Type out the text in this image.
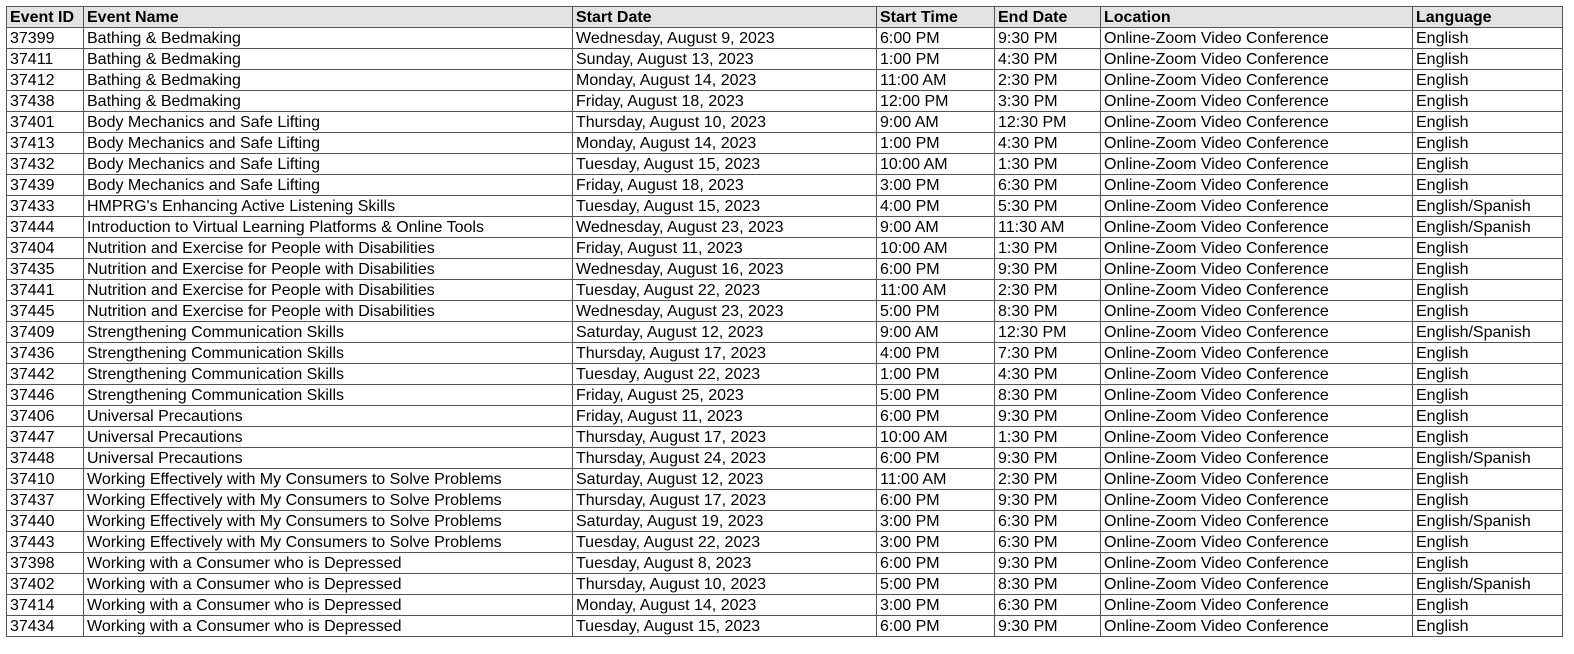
Event ID	Event Name	Start Date	Start Time	End Date	Location	Language
37399	Bathing & Bedmaking	Wednesday, August 9, 2023	6:00 PM	9:30 PM	Online-Zoom Video Conference	English
37411	Bathing & Bedmaking	Sunday, August 13, 2023	1:00 PM	4:30 PM	Online-Zoom Video Conference	English
37412	Bathing & Bedmaking	Monday, August 14, 2023	11:00 AM	2:30 PM	Online-Zoom Video Conference	English
37438	Bathing & Bedmaking	Friday, August 18, 2023	12:00 PM	3:30 PM	Online-Zoom Video Conference	English
37401	Body Mechanics and Safe Lifting	Thursday, August 10, 2023	9:00 AM	12:30 PM	Online-Zoom Video Conference	English
37413	Body Mechanics and Safe Lifting	Monday, August 14, 2023	1:00 PM	4:30 PM	Online-Zoom Video Conference	English
37432	Body Mechanics and Safe Lifting	Tuesday, August 15, 2023	10:00 AM	1:30 PM	Online-Zoom Video Conference	English
37439	Body Mechanics and Safe Lifting	Friday, August 18, 2023	3:00 PM	6:30 PM	Online-Zoom Video Conference	English
37433	HMPRG's Enhancing Active Listening Skills	Tuesday, August 15, 2023	4:00 PM	5:30 PM	Online-Zoom Video Conference	English/Spanish
37444	Introduction to Virtual Learning Platforms & Online Tools	Wednesday, August 23, 2023	9:00 AM	11:30 AM	Online-Zoom Video Conference	English/Spanish
37404	Nutrition and Exercise for People with Disabilities	Friday, August 11, 2023	10:00 AM	1:30 PM	Online-Zoom Video Conference	English
37435	Nutrition and Exercise for People with Disabilities	Wednesday, August 16, 2023	6:00 PM	9:30 PM	Online-Zoom Video Conference	English
37441	Nutrition and Exercise for People with Disabilities	Tuesday, August 22, 2023	11:00 AM	2:30 PM	Online-Zoom Video Conference	English
37445	Nutrition and Exercise for People with Disabilities	Wednesday, August 23, 2023	5:00 PM	8:30 PM	Online-Zoom Video Conference	English
37409	Strengthening Communication Skills	Saturday, August 12, 2023	9:00 AM	12:30 PM	Online-Zoom Video Conference	English/Spanish
37436	Strengthening Communication Skills	Thursday, August 17, 2023	4:00 PM	7:30 PM	Online-Zoom Video Conference	English
37442	Strengthening Communication Skills	Tuesday, August 22, 2023	1:00 PM	4:30 PM	Online-Zoom Video Conference	English
37446	Strengthening Communication Skills	Friday, August 25, 2023	5:00 PM	8:30 PM	Online-Zoom Video Conference	English
37406	Universal Precautions	Friday, August 11, 2023	6:00 PM	9:30 PM	Online-Zoom Video Conference	English
37447	Universal Precautions	Thursday, August 17, 2023	10:00 AM	1:30 PM	Online-Zoom Video Conference	English
37448	Universal Precautions	Thursday, August 24, 2023	6:00 PM	9:30 PM	Online-Zoom Video Conference	English/Spanish
37410	Working Effectively with My Consumers to Solve Problems	Saturday, August 12, 2023	11:00 AM	2:30 PM	Online-Zoom Video Conference	English
37437	Working Effectively with My Consumers to Solve Problems	Thursday, August 17, 2023	6:00 PM	9:30 PM	Online-Zoom Video Conference	English
37440	Working Effectively with My Consumers to Solve Problems	Saturday, August 19, 2023	3:00 PM	6:30 PM	Online-Zoom Video Conference	English/Spanish
37443	Working Effectively with My Consumers to Solve Problems	Tuesday, August 22, 2023	3:00 PM	6:30 PM	Online-Zoom Video Conference	English
37398	Working with a Consumer who is Depressed	Tuesday, August 8, 2023	6:00 PM	9:30 PM	Online-Zoom Video Conference	English
37402	Working with a Consumer who is Depressed	Thursday, August 10, 2023	5:00 PM	8:30 PM	Online-Zoom Video Conference	English/Spanish
37414	Working with a Consumer who is Depressed	Monday, August 14, 2023	3:00 PM	6:30 PM	Online-Zoom Video Conference	English
37434	Working with a Consumer who is Depressed	Tuesday, August 15, 2023	6:00 PM	9:30 PM	Online-Zoom Video Conference	English
